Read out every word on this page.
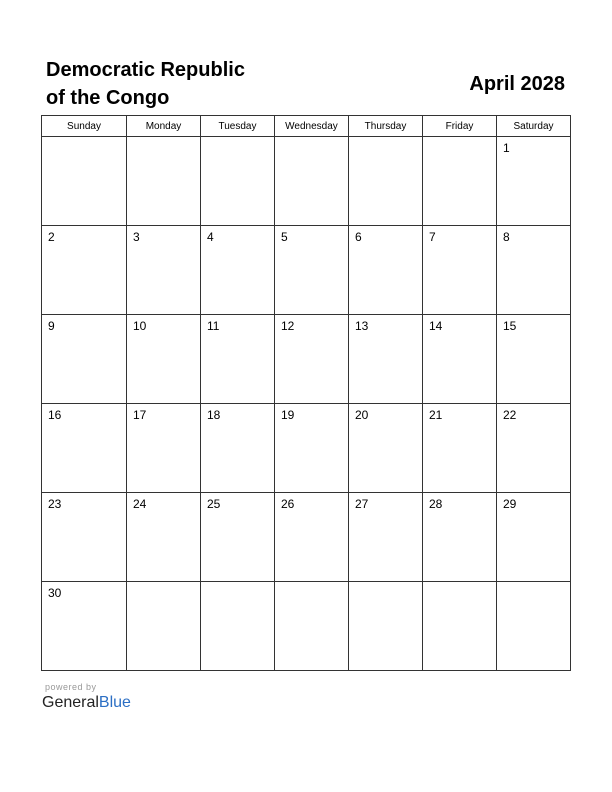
Democratic Republic
of the Congo
April 2028
Sunday	Monday	Tuesday	Wednesday	Thursday	Friday	Saturday

						1

2	3	4	5	6	7	8

9	10	11	12	13	14	15

16	17	18	19	20	21	22

23	24	25	26	27	28	29

30						

powered by
GeneralBlue
